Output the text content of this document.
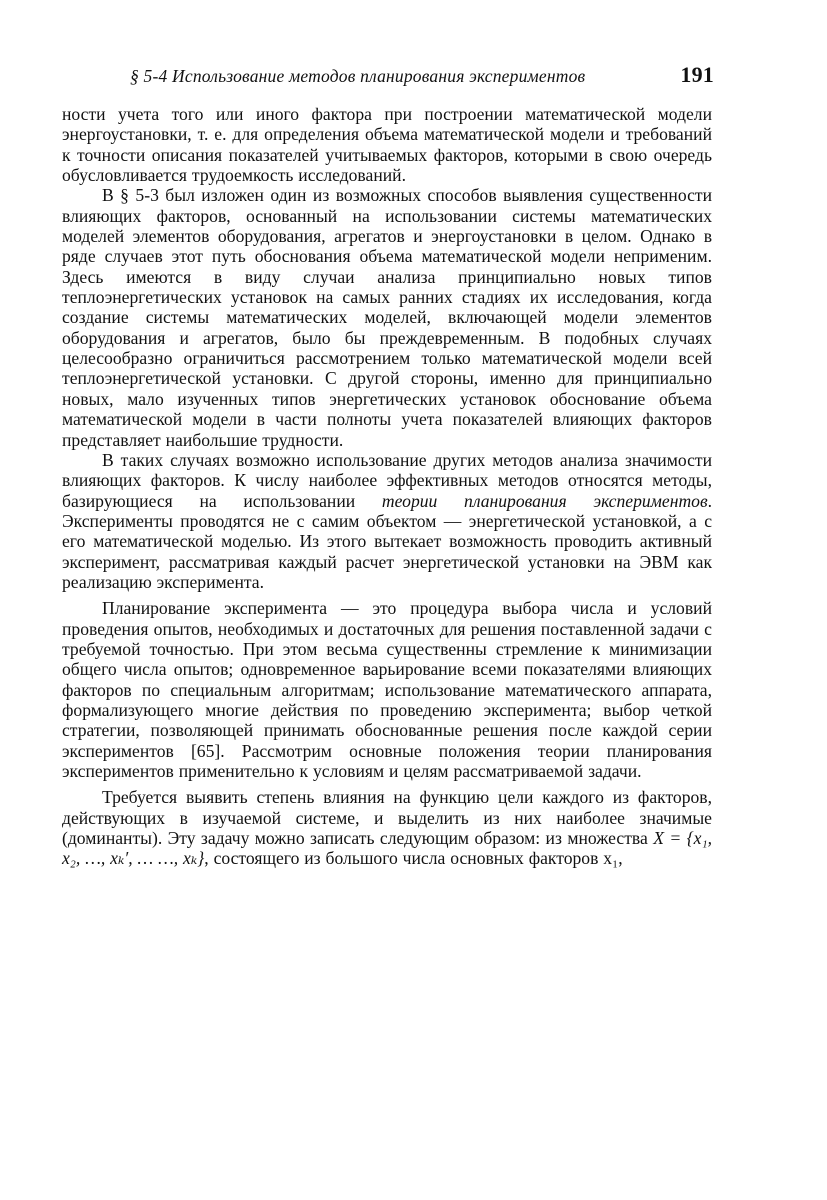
§ 5-4 Использование методов планирования экспериментов	191

ности учета того или иного фактора при построении математической модели энергоустановки, т. е. для определения объема математической модели и требований к точности описания показателей учитываемых факторов, которыми в свою очередь обусловливается трудоемкость исследований.

В § 5-3 был изложен один из возможных способов выявления существенности влияющих факторов, основанный на использовании системы математических моделей элементов оборудования, агрегатов и энергоустановки в целом. Однако в ряде случаев этот путь обоснования объема математической модели неприменим. Здесь имеются в виду случаи анализа принципиально новых типов теплоэнергетических установок на самых ранних стадиях их исследования, когда создание системы математических моделей, включающей модели элементов оборудования и агрегатов, было бы преждевременным. В подобных случаях целесообразно ограничиться рассмотрением только математической модели всей теплоэнергетической установки. С другой стороны, именно для принципиально новых, мало изученных типов энергетических установок обоснование объема математической модели в части полноты учета показателей влияющих факторов представляет наибольшие трудности.

В таких случаях возможно использование других методов анализа значимости влияющих факторов. К числу наиболее эффективных методов относятся методы, базирующиеся на использовании теории планирования экспериментов. Эксперименты проводятся не с самим объектом — энергетической установкой, а с его математической моделью. Из этого вытекает возможность проводить активный эксперимент, рассматривая каждый расчет энергетической установки на ЭВМ как реализацию эксперимента.

Планирование эксперимента — это процедура выбора числа и условий проведения опытов, необходимых и достаточных для решения поставленной задачи с требуемой точностью. При этом весьма существенны стремление к минимизации общего числа опытов; одновременное варьирование всеми показателями влияющих факторов по специальным алгоритмам; использование математического аппарата, формализующего многие действия по проведению эксперимента; выбор четкой стратегии, позволяющей принимать обоснованные решения после каждой серии экспериментов [65]. Рассмотрим основные положения теории планирования экспериментов применительно к условиям и целям рассматриваемой задачи.

Требуется выявить степень влияния на функцию цели каждого из факторов, действующих в изучаемой системе, и выделить из них наиболее значимые (доминанты). Эту задачу можно записать следующим образом: из множества X = {x₁, x₂, …, xₖ′, … …, xₖ}, состоящего из большого числа основных факторов x₁,
